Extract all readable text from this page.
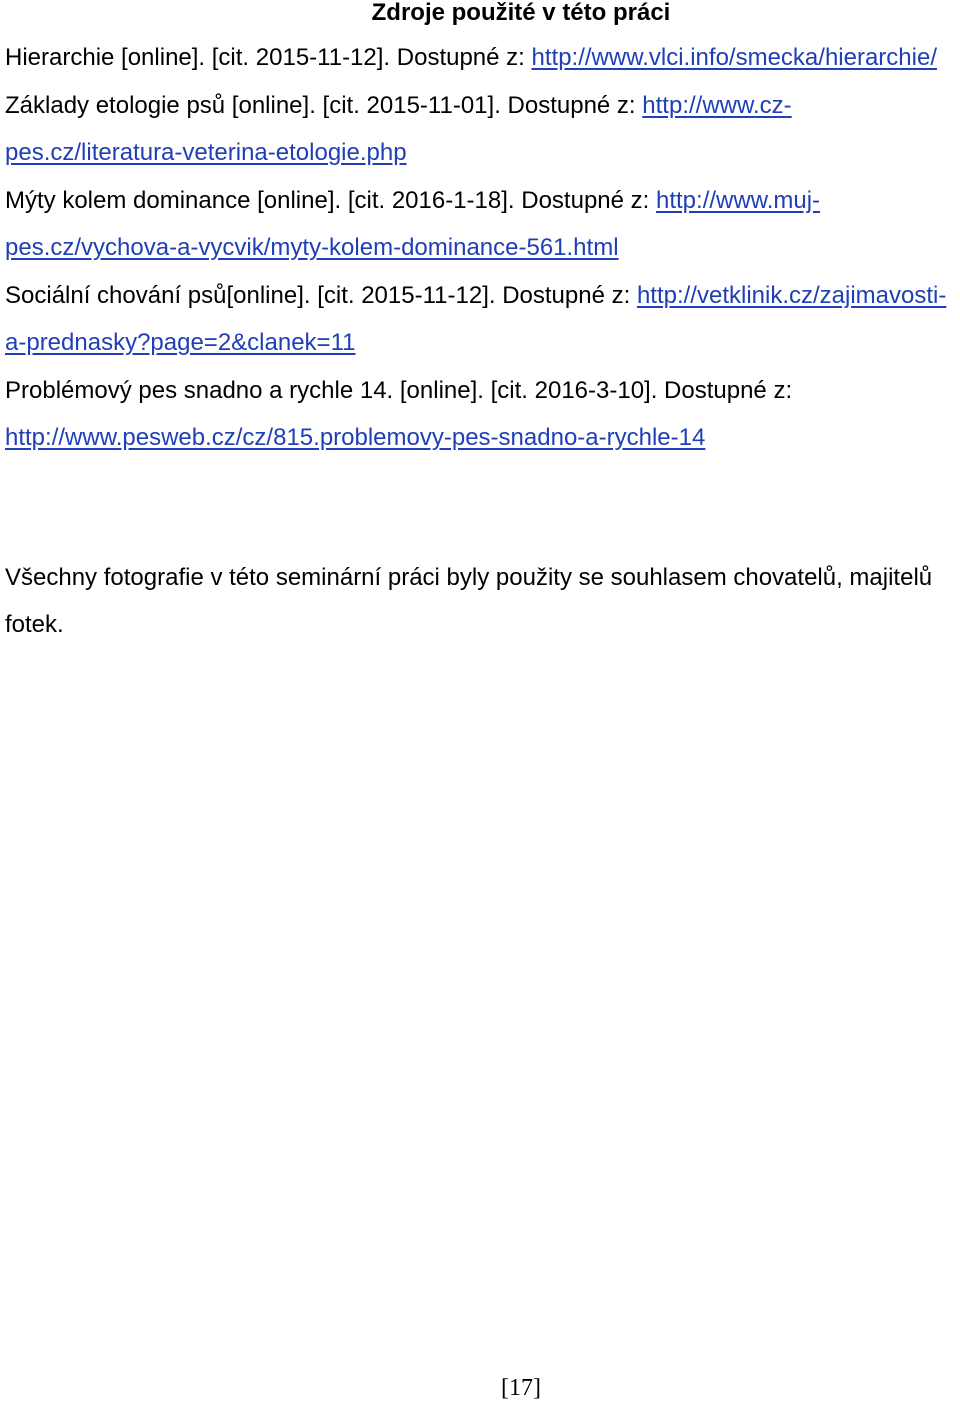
Zdroje použité v této práci
Hierarchie [online]. [cit. 2015-11-12]. Dostupné z: http://www.vlci.info/smecka/hierarchie/
Základy etologie psů [online]. [cit. 2015-11-01]. Dostupné z: http://www.cz-pes.cz/literatura-veterina-etologie.php
Mýty kolem dominance [online]. [cit. 2016-1-18]. Dostupné z: http://www.muj-pes.cz/vychova-a-vycvik/myty-kolem-dominance-561.html
Sociální chování psů[online]. [cit. 2015-11-12]. Dostupné z: http://vetklinik.cz/zajimavosti-a-prednasky?page=2&clanek=11
Problémový pes snadno a rychle 14. [online]. [cit. 2016-3-10]. Dostupné z: http://www.pesweb.cz/cz/815.problemovy-pes-snadno-a-rychle-14
Všechny fotografie v této seminární práci byly použity se souhlasem chovatelů, majitelů fotek.
[17]
